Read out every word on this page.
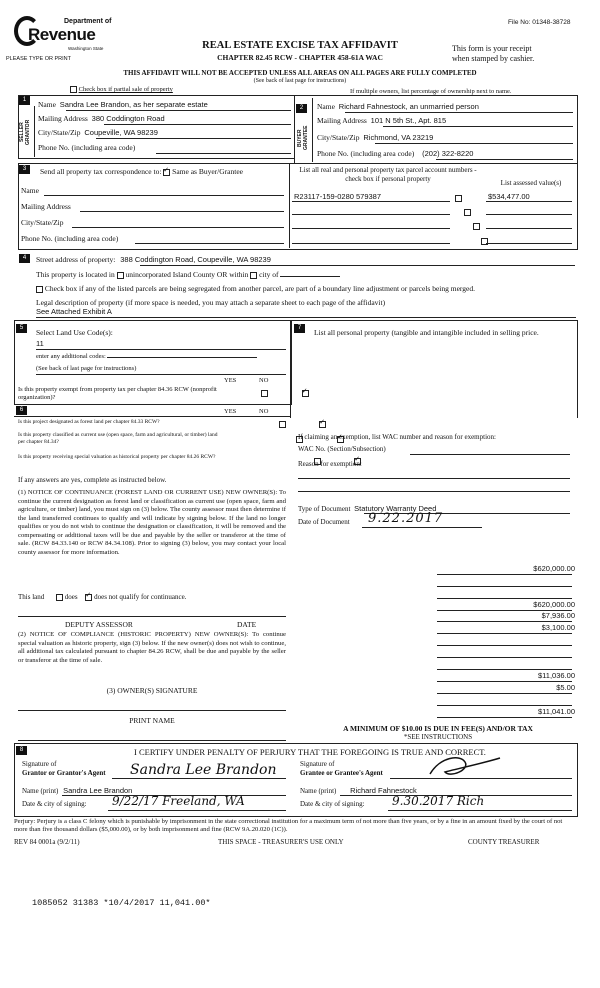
Department of
Revenue
Washington State
PLEASE TYPE OR PRINT
File No: 01348-38728
REAL ESTATE EXCISE TAX AFFIDAVIT
CHAPTER 82.45 RCW - CHAPTER 458-61A WAC
This form is your receipt
when stamped by cashier.
THIS AFFIDAVIT WILL NOT BE ACCEPTED UNLESS ALL AREAS ON ALL PAGES ARE FULLY COMPLETED
(See back of last page for instructions)
Check box if partial sale of property	If multiple owners, list percentage of ownership next to name.
1
SELLER GRANTOR
Name Sandra Lee Brandon, as her separate estate
Mailing Address 380 Coddington Road
City/State/Zip Coupeville, WA 98239
Phone No. (including area code)
2
BUYER GRANTEE
Name Richard Fahnestock, an unmarried person
Mailing Address 101 N 5th St., Apt. 815
City/State/Zip Richmond, VA 23219
Phone No. (including area code) (202) 322-8220
3	Send all property tax correspondence to: ✓ Same as Buyer/Grantee
Name
Mailing Address
City/State/Zip
Phone No. (including area code)
List all real and personal property tax parcel account numbers - check box if personal property	List assessed value(s)
R23117-159-0280 579387
	$534,477.00

4	Street address of property: 388 Coddington Road, Coupeville, WA 98239
This property is located in unincorporated Island County OR within city of
Check box if any of the listed parcels are being segregated from another parcel, are part of a boundary line adjustment or parcels being merged.
Legal description of property (if more space is needed, you may attach a separate sheet to each page of the affidavit)
See Attached Exhibit A
5	Select Land Use Code(s):
11
enter any additional codes:
(See back of last page for instructions)
YES	NO
Is this property exempt from property tax per chapter 84.36 RCW (nonprofit organization)?
✓
6	YES	NO
Is this project designated as forest land per chapter 84.33 RCW?
✓
Is this property classified as current use (open space, farm and agricultural, or timber) land per chapter 84.34?
✓
Is this property receiving special valuation as historical property per chapter 84.26 RCW?
✓
If any answers are yes, complete as instructed below.
(1) NOTICE OF CONTINUANCE (FOREST LAND OR CURRENT USE) NEW OWNER(S): To continue the current designation as forest land or classification as current use (open space, farm and agriculture, or timber) land, you must sign on (3) below. The county assessor must then determine if the land transferred continues to qualify and will indicate by signing below. If the land no longer qualifies or you do not wish to continue the designation or classification, it will be removed and the compensating or additional taxes will be due and payable by the seller or transferor at the time of sale. (RCW 84.33.140 or RCW 84.34.108). Prior to signing (3) below, you may contact your local county assessor for more information.
This land	does ✓ does not qualify for continuance.
DEPUTY ASSESSOR	DATE
(2) NOTICE OF COMPLIANCE (HISTORIC PROPERTY) NEW OWNER(S): To continue special valuation as historic property, sign (3) below. If the new owner(s) does not wish to continue, all additional tax calculated pursuant to chapter 84.26 RCW, shall be due and payable by the seller or transferor at the time of sale.
(3) OWNER(S) SIGNATURE
PRINT NAME
7	List all personal property (tangible and intangible included in selling price.
If claiming an exemption, list WAC number and reason for exemption:
WAC No. (Section/Subsection)
Reason for exemption:
Type of Document Statutory Warranty Deed
Date of Document 9.22.2017
$620,000.00
$620,000.00
$7,936.00
$3,100.00
$11,036.00
$5.00
$11,041.00
A MINIMUM OF $10.00 IS DUE IN FEE(S) AND/OR TAX
*SEE INSTRUCTIONS
8	I CERTIFY UNDER PENALTY OF PERJURY THAT THE FOREGOING IS TRUE AND CORRECT.
Signature of
Grantor or Grantor's Agent Sandra Lee Brandon
Name (print) Sandra Lee Brandon
Date & city of signing: 9/22/17 Freeland, WA
Signature of
Grantee or Grantee's Agent
Name (print) Richard Fahnestock
Date & city of signing: 9.30.2017 Rich
Perjury: Perjury is a class C felony which is punishable by imprisonment in the state correctional institution for a maximum term of not more than five years, or by a fine in an amount fixed by the court of not more than five thousand dollars ($5,000.00), or by both imprisonment and fine (RCW 9A.20.020 (1C)).
REV 84 0001a (9/2/11)	THIS SPACE - TREASURER'S USE ONLY	COUNTY TREASURER
1085052 31383 *10/4/2017 11,041.00*
